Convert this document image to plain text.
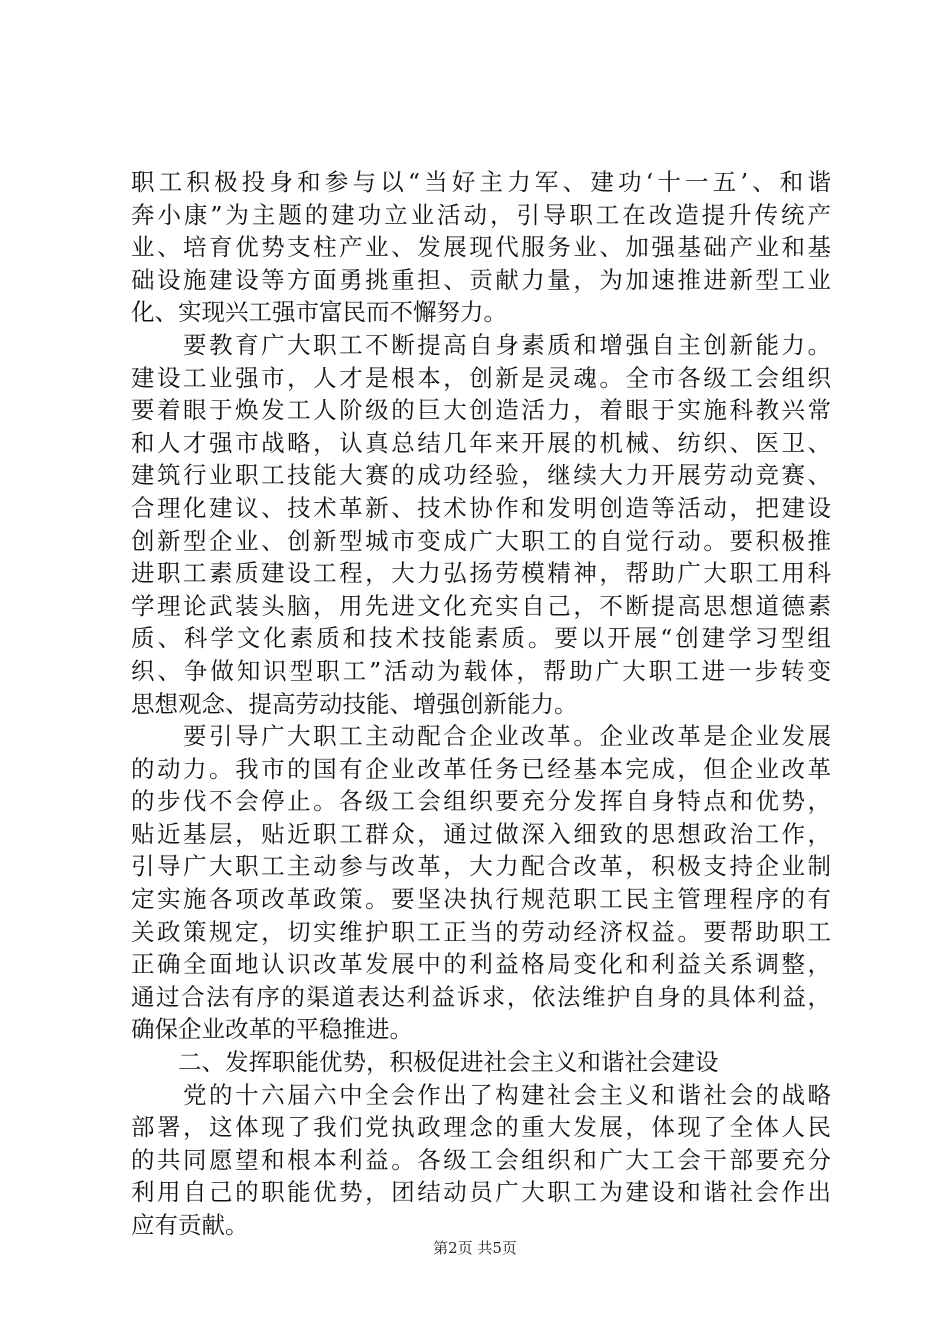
职工积极投身和参与以“当好主力军、建功‘十一五’、和谐
奔小康”为主题的建功立业活动，引导职工在改造提升传统产
业、培育优势支柱产业、发展现代服务业、加强基础产业和基
础设施建设等方面勇挑重担、贡献力量，为加速推进新型工业
化、实现兴工强市富民而不懈努力。
　　要教育广大职工不断提高自身素质和增强自主创新能力。
建设工业强市，人才是根本，创新是灵魂。全市各级工会组织
要着眼于焕发工人阶级的巨大创造活力，着眼于实施科教兴常
和人才强市战略，认真总结几年来开展的机械、纺织、医卫、
建筑行业职工技能大赛的成功经验，继续大力开展劳动竞赛、
合理化建议、技术革新、技术协作和发明创造等活动，把建设
创新型企业、创新型城市变成广大职工的自觉行动。要积极推
进职工素质建设工程，大力弘扬劳模精神，帮助广大职工用科
学理论武装头脑，用先进文化充实自己，不断提高思想道德素
质、科学文化素质和技术技能素质。要以开展“创建学习型组
织、争做知识型职工”活动为载体，帮助广大职工进一步转变
思想观念、提高劳动技能、增强创新能力。
　　要引导广大职工主动配合企业改革。企业改革是企业发展
的动力。我市的国有企业改革任务已经基本完成，但企业改革
的步伐不会停止。各级工会组织要充分发挥自身特点和优势，
贴近基层，贴近职工群众，通过做深入细致的思想政治工作，
引导广大职工主动参与改革，大力配合改革，积极支持企业制
定实施各项改革政策。要坚决执行规范职工民主管理程序的有
关政策规定，切实维护职工正当的劳动经济权益。要帮助职工
正确全面地认识改革发展中的利益格局变化和利益关系调整，
通过合法有序的渠道表达利益诉求，依法维护自身的具体利益，
确保企业改革的平稳推进。
　　二、发挥职能优势，积极促进社会主义和谐社会建设
　　党的十六届六中全会作出了构建社会主义和谐社会的战略
部署，这体现了我们党执政理念的重大发展，体现了全体人民
的共同愿望和根本利益。各级工会组织和广大工会干部要充分
利用自己的职能优势，团结动员广大职工为建设和谐社会作出
应有贡献。
第2页 共5页
